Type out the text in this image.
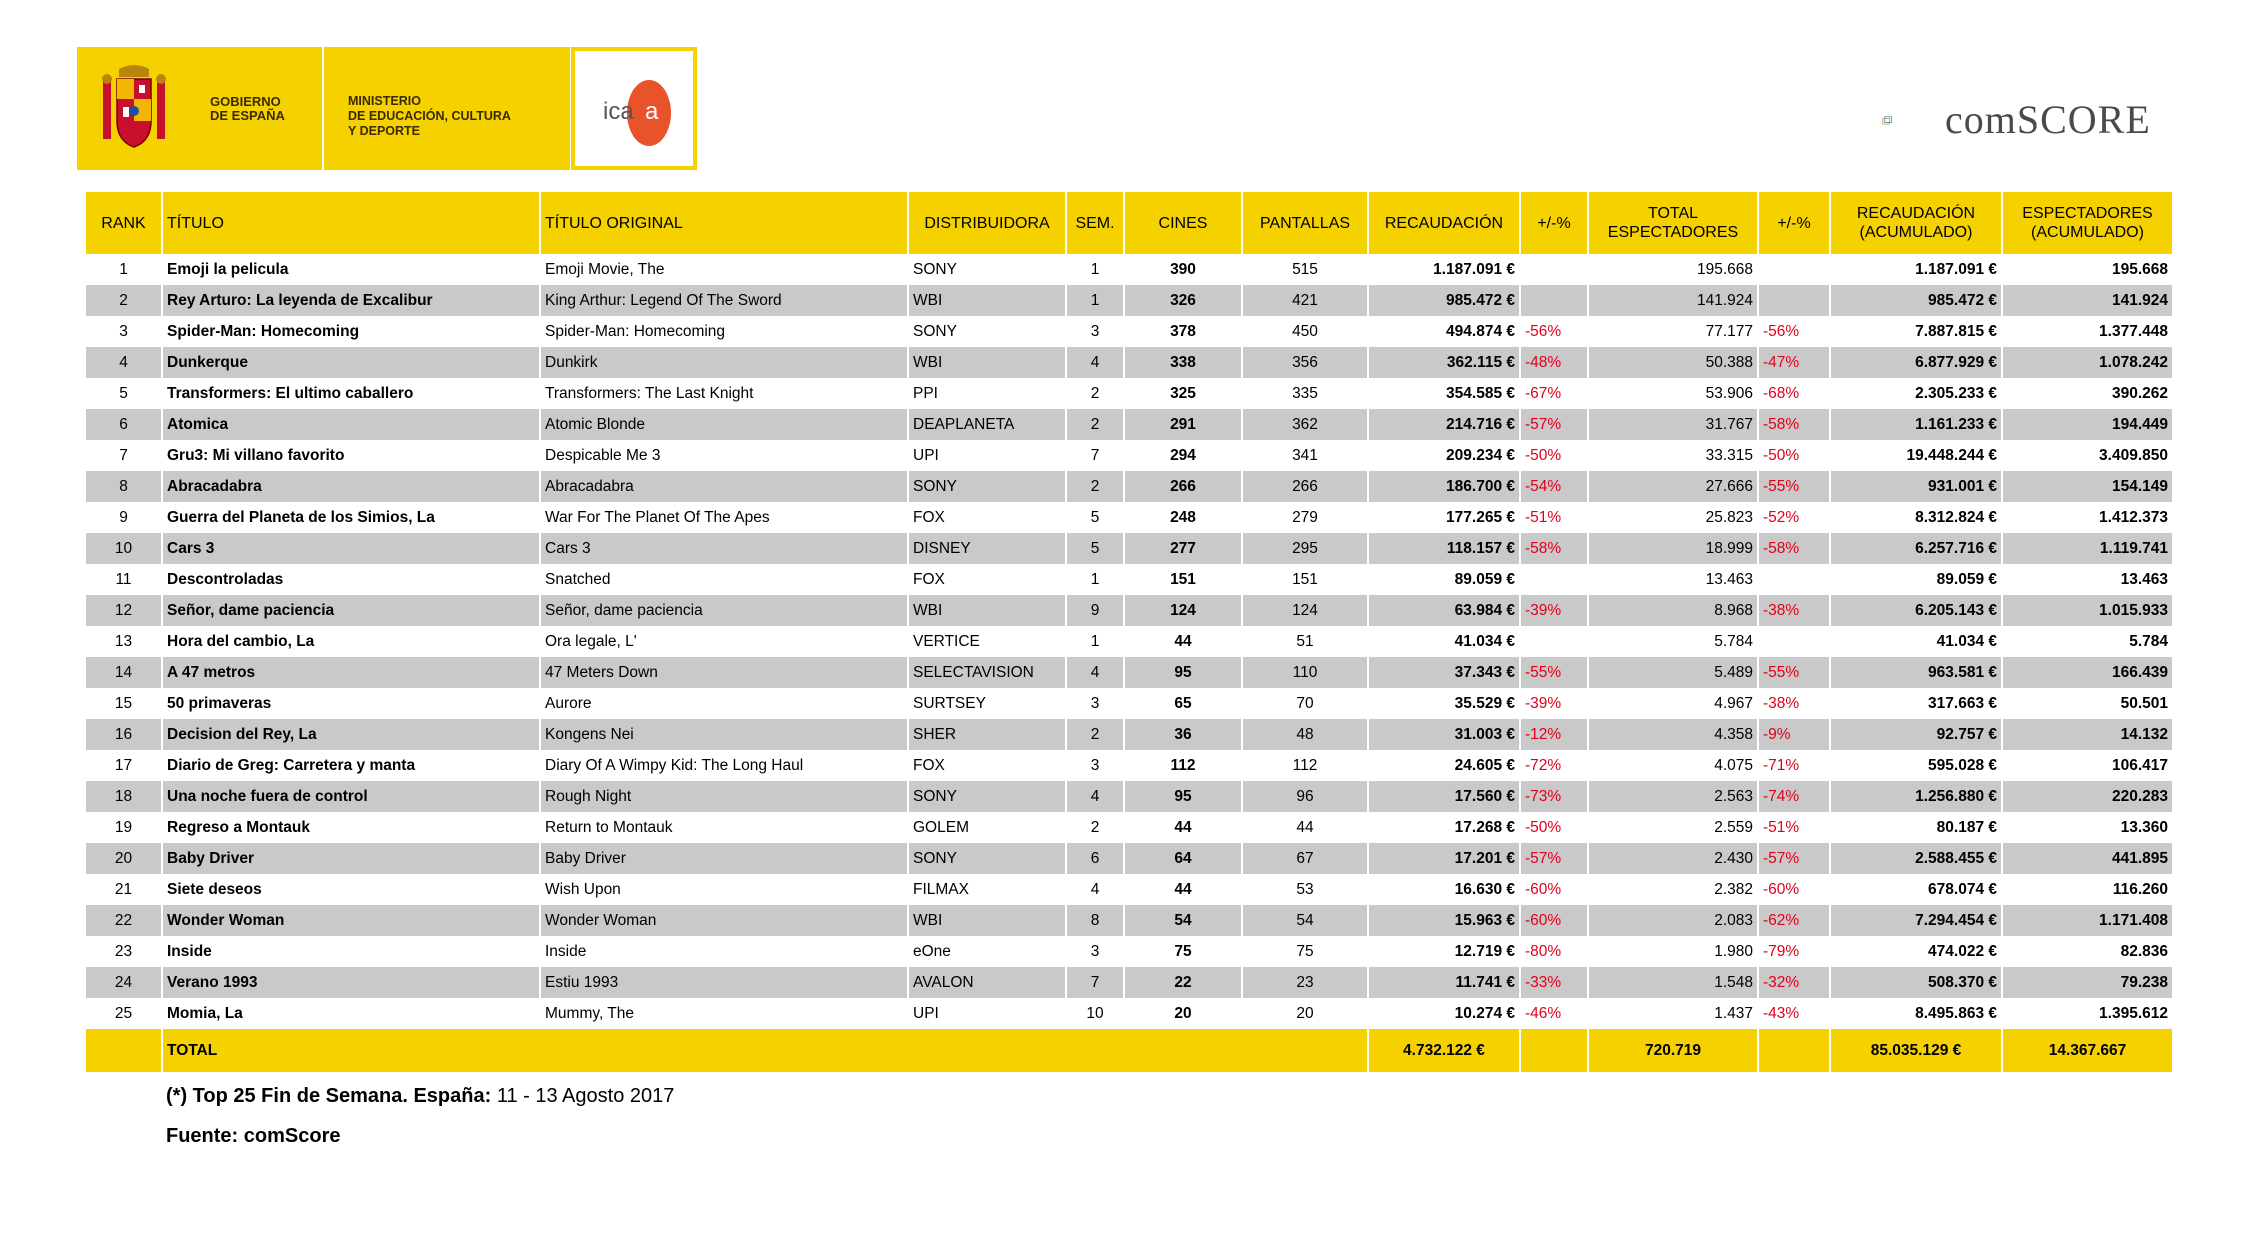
GOBIERNO
DE ESPAÑA
MINISTERIO
DE EDUCACIÓN, CULTURA
Y DEPORTE
ica a	comSCORE
RANK	TÍTULO	TÍTULO ORIGINAL	DISTRIBUIDORA	SEM.	CINES	PANTALLAS	RECAUDACIÓN	+/-%	TOTAL ESPECTADORES	+/-%	RECAUDACIÓN (ACUMULADO)	ESPECTADORES (ACUMULADO)
1	Emoji la pelicula	Emoji Movie, The	SONY	1	390	515	1.187.091 €		195.668		1.187.091 €	195.668
2	Rey Arturo: La leyenda de Excalibur	King Arthur: Legend Of The Sword	WBI	1	326	421	985.472 €		141.924		985.472 €	141.924
3	Spider-Man: Homecoming	Spider-Man: Homecoming	SONY	3	378	450	494.874 €	-56%	77.177	-56%	7.887.815 €	1.377.448
4	Dunkerque	Dunkirk	WBI	4	338	356	362.115 €	-48%	50.388	-47%	6.877.929 €	1.078.242
5	Transformers: El ultimo caballero	Transformers: The Last Knight	PPI	2	325	335	354.585 €	-67%	53.906	-68%	2.305.233 €	390.262
6	Atomica	Atomic Blonde	DEAPLANETA	2	291	362	214.716 €	-57%	31.767	-58%	1.161.233 €	194.449
7	Gru3: Mi villano favorito	Despicable Me 3	UPI	7	294	341	209.234 €	-50%	33.315	-50%	19.448.244 €	3.409.850
8	Abracadabra	Abracadabra	SONY	2	266	266	186.700 €	-54%	27.666	-55%	931.001 €	154.149
9	Guerra del Planeta de los Simios, La	War For The Planet Of The Apes	FOX	5	248	279	177.265 €	-51%	25.823	-52%	8.312.824 €	1.412.373
10	Cars 3	Cars 3	DISNEY	5	277	295	118.157 €	-58%	18.999	-58%	6.257.716 €	1.119.741
11	Descontroladas	Snatched	FOX	1	151	151	89.059 €		13.463		89.059 €	13.463
12	Señor, dame paciencia	Señor, dame paciencia	WBI	9	124	124	63.984 €	-39%	8.968	-38%	6.205.143 €	1.015.933
13	Hora del cambio, La	Ora legale, L'	VERTICE	1	44	51	41.034 €		5.784		41.034 €	5.784
14	A 47 metros	47 Meters Down	SELECTAVISION	4	95	110	37.343 €	-55%	5.489	-55%	963.581 €	166.439
15	50 primaveras	Aurore	SURTSEY	3	65	70	35.529 €	-39%	4.967	-38%	317.663 €	50.501
16	Decision del Rey, La	Kongens Nei	SHER	2	36	48	31.003 €	-12%	4.358	-9%	92.757 €	14.132
17	Diario de Greg: Carretera y manta	Diary Of A Wimpy Kid: The Long Haul	FOX	3	112	112	24.605 €	-72%	4.075	-71%	595.028 €	106.417
18	Una noche fuera de control	Rough Night	SONY	4	95	96	17.560 €	-73%	2.563	-74%	1.256.880 €	220.283
19	Regreso a Montauk	Return to Montauk	GOLEM	2	44	44	17.268 €	-50%	2.559	-51%	80.187 €	13.360
20	Baby Driver	Baby Driver	SONY	6	64	67	17.201 €	-57%	2.430	-57%	2.588.455 €	441.895
21	Siete deseos	Wish Upon	FILMAX	4	44	53	16.630 €	-60%	2.382	-60%	678.074 €	116.260
22	Wonder Woman	Wonder Woman	WBI	8	54	54	15.963 €	-60%	2.083	-62%	7.294.454 €	1.171.408
23	Inside	Inside	eOne	3	75	75	12.719 €	-80%	1.980	-79%	474.022 €	82.836
24	Verano 1993	Estiu 1993	AVALON	7	22	23	11.741 €	-33%	1.548	-32%	508.370 €	79.238
25	Momia, La	Mummy, The	UPI	10	20	20	10.274 €	-46%	1.437	-43%	8.495.863 €	1.395.612
	TOTAL						4.732.122 €		720.719		85.035.129 €	14.367.667
(*) Top 25 Fin de Semana. España: 11 - 13 Agosto 2017
Fuente: comScore
